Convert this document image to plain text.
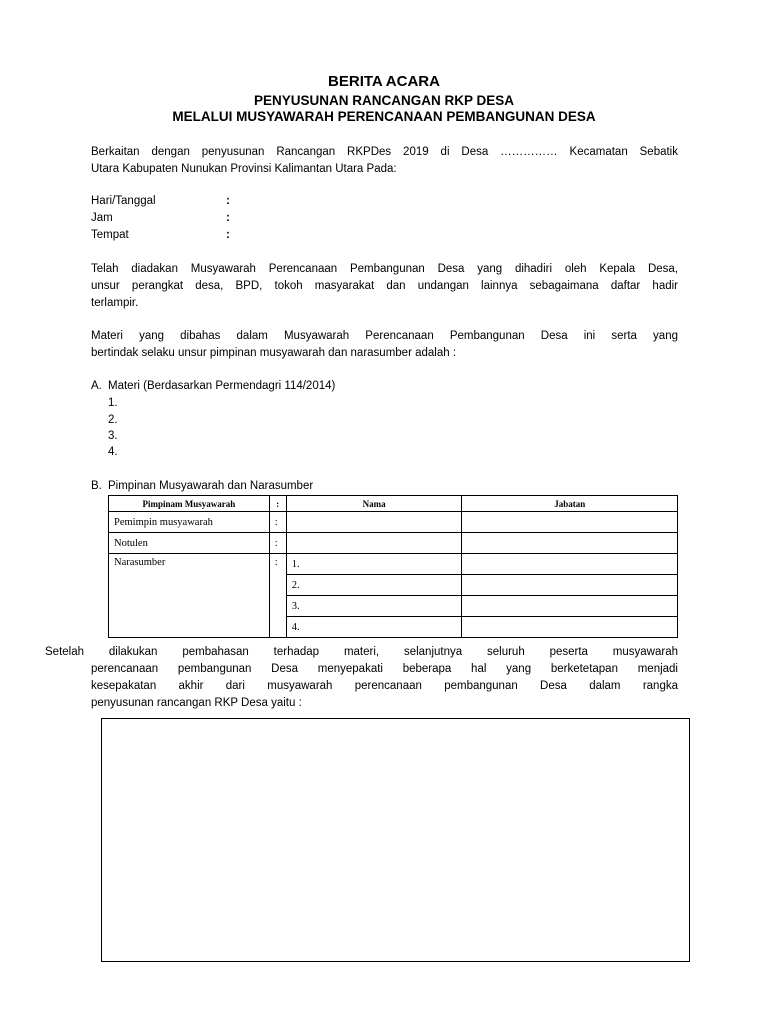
BERITA ACARA
PENYUSUNAN RANCANGAN RKP DESA
MELALUI MUSYAWARAH PERENCANAAN PEMBANGUNAN DESA
Berkaitan dengan penyusunan Rancangan RKPDes 2019 di Desa …………… Kecamatan Sebatik
Utara Kabupaten Nunukan Provinsi Kalimantan Utara Pada:
Hari/Tanggal	:
Jam	:
Tempat	:
Telah diadakan Musyawarah Perencanaan Pembangunan Desa yang dihadiri oleh Kepala Desa,
unsur perangkat desa, BPD, tokoh masyarakat dan undangan lainnya sebagaimana daftar hadir
terlampir.
Materi yang dibahas dalam Musyawarah Perencanaan Pembangunan Desa ini serta yang
bertindak selaku unsur pimpinan musyawarah dan narasumber adalah :
A. Materi (Berdasarkan Permendagri 114/2014)
1.
2.
3.
4.
B. Pimpinan Musyawarah dan Narasumber
Pimpinam Musyawarah	:	Nama	Jabatan
Pemimpin musyawarah	:		
Notulen	:		
Narasumber	:	1.	
		2.	
		3.	
		4.	
Setelah dilakukan pembahasan terhadap materi, selanjutnya seluruh peserta musyawarah
perencanaan pembangunan Desa menyepakati beberapa hal yang berketetapan menjadi
kesepakatan akhir dari musyawarah perencanaan pembangunan Desa dalam rangka
penyusunan rancangan RKP Desa yaitu :
